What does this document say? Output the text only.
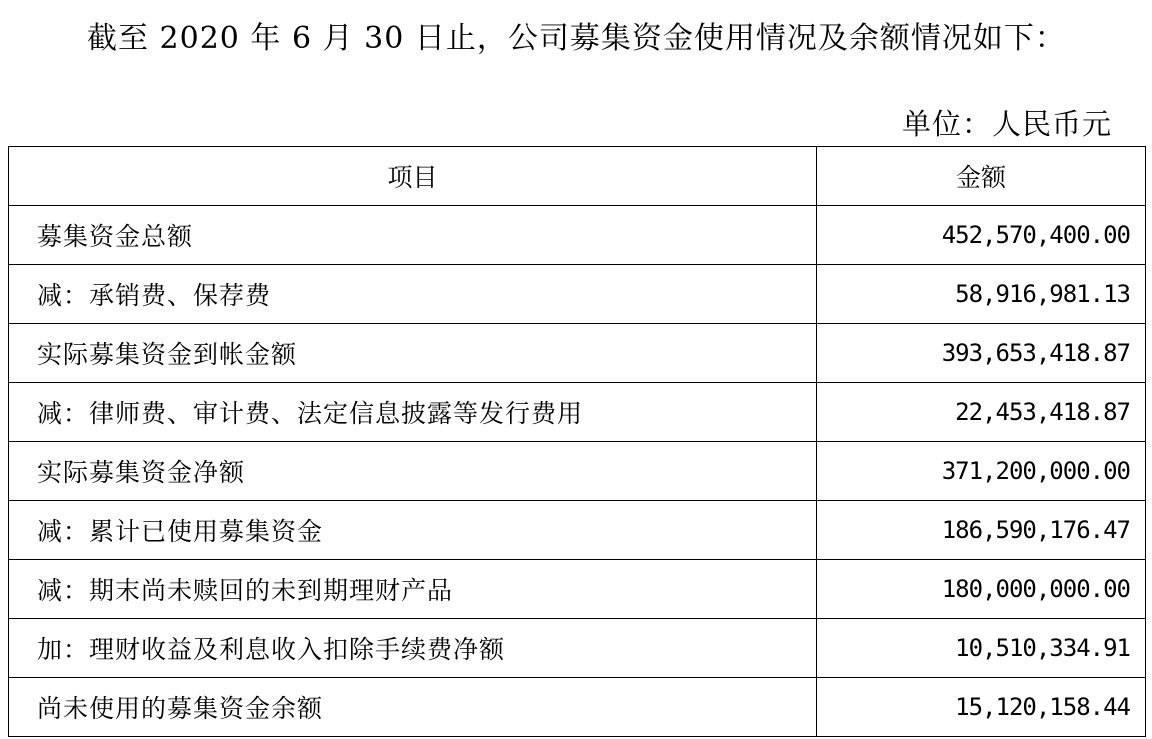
截至 2020 年 6 月 30 日止，公司募集资金使用情况及余额情况如下：
单位：人民币元
项目	金额
募集资金总额	452,570,400.00
减：承销费、保荐费	58,916,981.13
实际募集资金到帐金额	393,653,418.87
减：律师费、审计费、法定信息披露等发行费用	22,453,418.87
实际募集资金净额	371,200,000.00
减：累计已使用募集资金	186,590,176.47
减：期末尚未赎回的未到期理财产品	180,000,000.00
加：理财收益及利息收入扣除手续费净额	10,510,334.91
尚未使用的募集资金余额	15,120,158.44
